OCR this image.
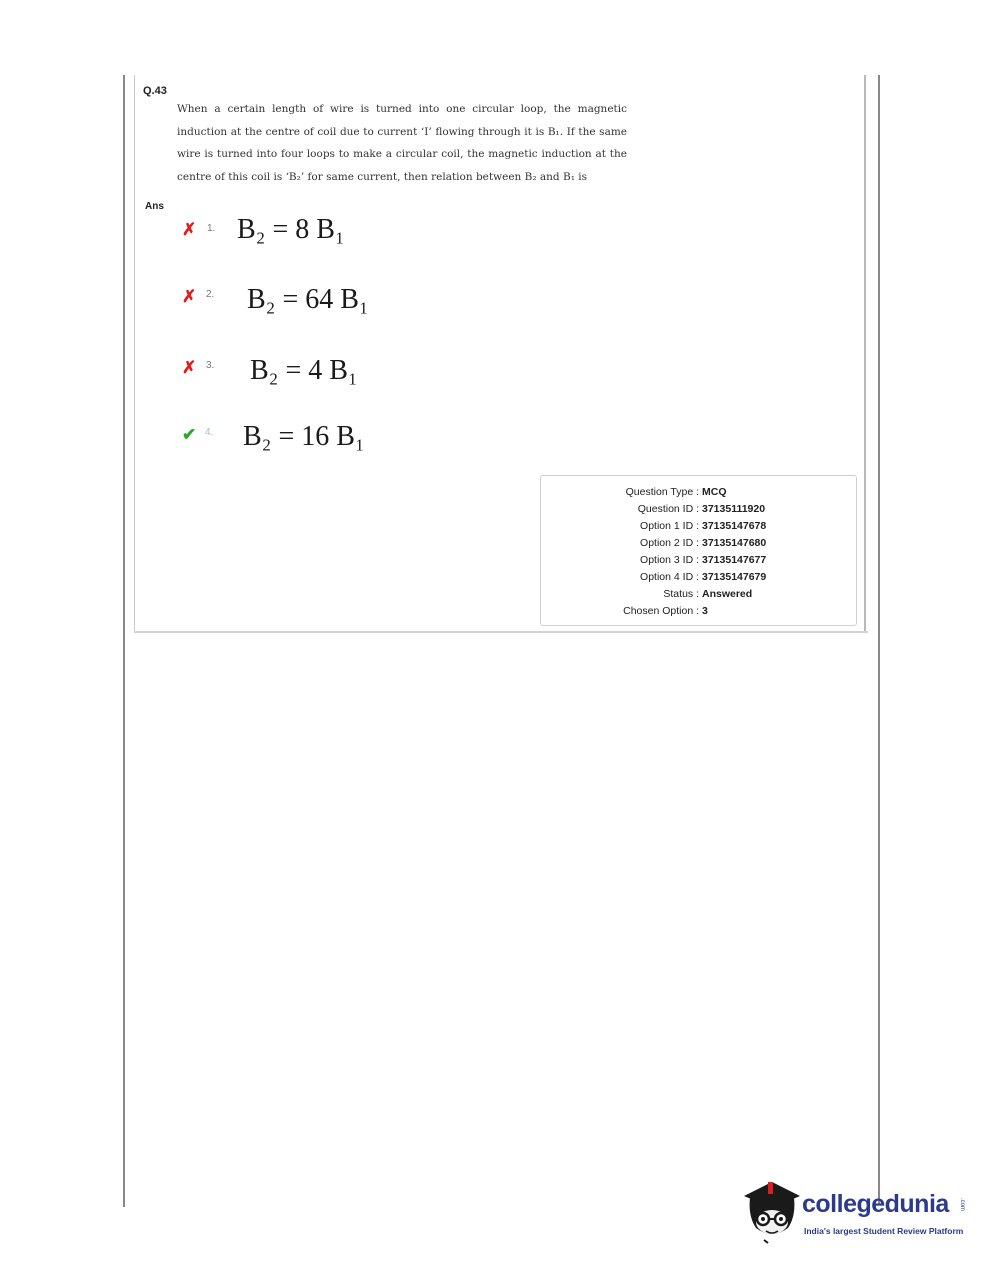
Q.43
When a certain length of wire is turned into one circular loop, the magnetic
induction at the centre of coil due to current ‘I’ flowing through it is B₁. If the same
wire is turned into four loops to make a circular coil, the magnetic induction at the
centre of this coil is ‘B₂’ for same current, then relation between B₂ and B₁ is
Ans
✗ 1. B₂ = 8 B₁
✗ 2. B₂ = 64 B₁
✗ 3. B₂ = 4 B₁
✔ 4. B₂ = 16 B₁
Question Type : MCQ
Question ID : 37135111920
Option 1 ID : 37135147678
Option 2 ID : 37135147680
Option 3 ID : 37135147677
Option 4 ID : 37135147679
Status : Answered
Chosen Option : 3
collegedunia .com
India's largest Student Review Platform
